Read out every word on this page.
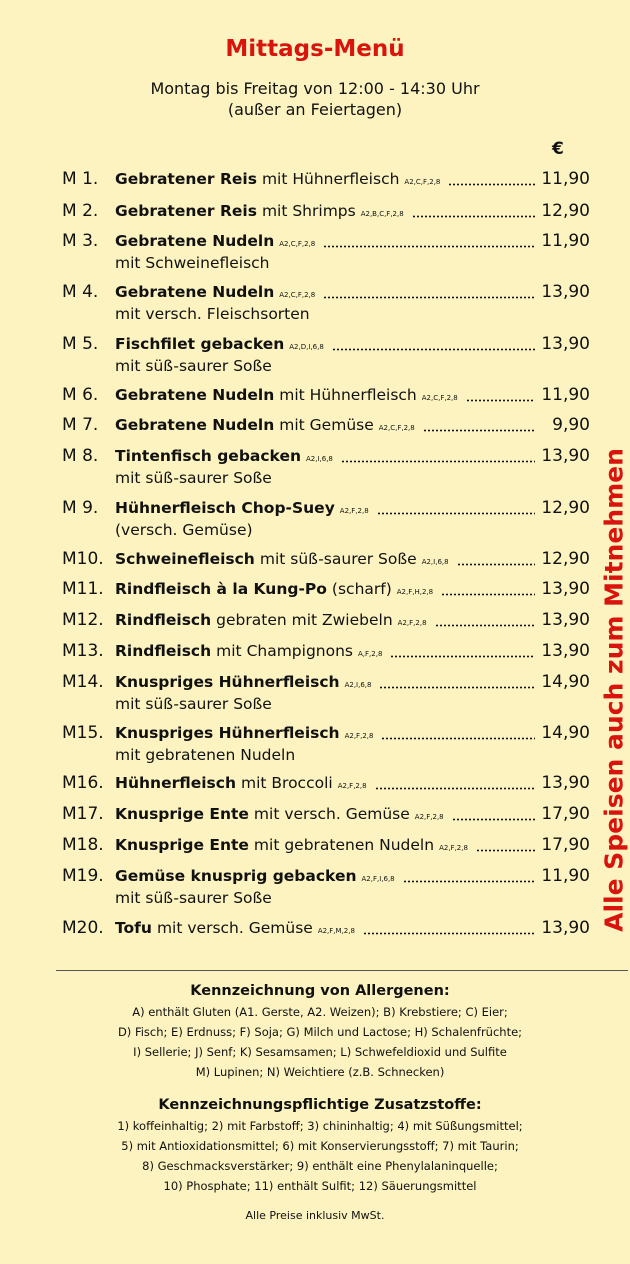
Mittags-Menü
Montag bis Freitag von 12:00 - 14:30 Uhr
(außer an Feiertagen)
€
M 1. Gebratener Reis mit Hühnerfleisch A2,C,F,2,8	11,90
M 2. Gebratener Reis mit Shrimps A2,B,C,F,2,8	12,90
M 3. Gebratene Nudeln A2,C,F,2,8	11,90
mit Schweinefleisch
M 4. Gebratene Nudeln A2,C,F,2,8	13,90
mit versch. Fleischsorten
M 5. Fischfilet gebacken A2,D,I,6,8	13,90
mit süß-saurer Soße
M 6. Gebratene Nudeln mit Hühnerfleisch A2,C,F,2,8	11,90
M 7. Gebratene Nudeln mit Gemüse A2,C,F,2,8	9,90
M 8. Tintenfisch gebacken A2,I,6,8	13,90
mit süß-saurer Soße
M 9. Hühnerfleisch Chop-Suey A2,F,2,8	12,90
(versch. Gemüse)
M10. Schweinefleisch mit süß-saurer Soße A2,I,6,8	12,90
M11. Rindfleisch à la Kung-Po (scharf) A2,F,H,2,8	13,90
M12. Rindfleisch gebraten mit Zwiebeln A2,F,2,8	13,90
M13. Rindfleisch mit Champignons A,F,2,8	13,90
M14. Knuspriges Hühnerfleisch A2,I,6,8	14,90
mit süß-saurer Soße
M15. Knuspriges Hühnerfleisch A2,F,2,8	14,90
mit gebratenen Nudeln
M16. Hühnerfleisch mit Broccoli A2,F,2,8	13,90
M17. Knusprige Ente mit versch. Gemüse A2,F,2,8	17,90
M18. Knusprige Ente mit gebratenen Nudeln A2,F,2,8	17,90
M19. Gemüse knusprig gebacken A2,F,I,6,8	11,90
mit süß-saurer Soße
M20. Tofu mit versch. Gemüse A2,F,M,2,8	13,90 Alle Speisen auch zum Mitnehmen
Kennzeichnung von Allergenen:
A) enthält Gluten (A1. Gerste, A2. Weizen); B) Krebstiere; C) Eier;
D) Fisch; E) Erdnuss; F) Soja; G) Milch und Lactose; H) Schalenfrüchte;
I) Sellerie; J) Senf; K) Sesamsamen; L) Schwefeldioxid und Sulfite
M) Lupinen; N) Weichtiere (z.B. Schnecken)
Kennzeichnungspflichtige Zusatzstoffe:
1) koffeinhaltig; 2) mit Farbstoff; 3) chininhaltig; 4) mit Süßungsmittel;
5) mit Antioxidationsmittel; 6) mit Konservierungsstoff; 7) mit Taurin;
8) Geschmacksverstärker; 9) enthält eine Phenylalaninquelle;
10) Phosphate; 11) enthält Sulfit; 12) Säuerungsmittel
Alle Preise inklusiv MwSt.
